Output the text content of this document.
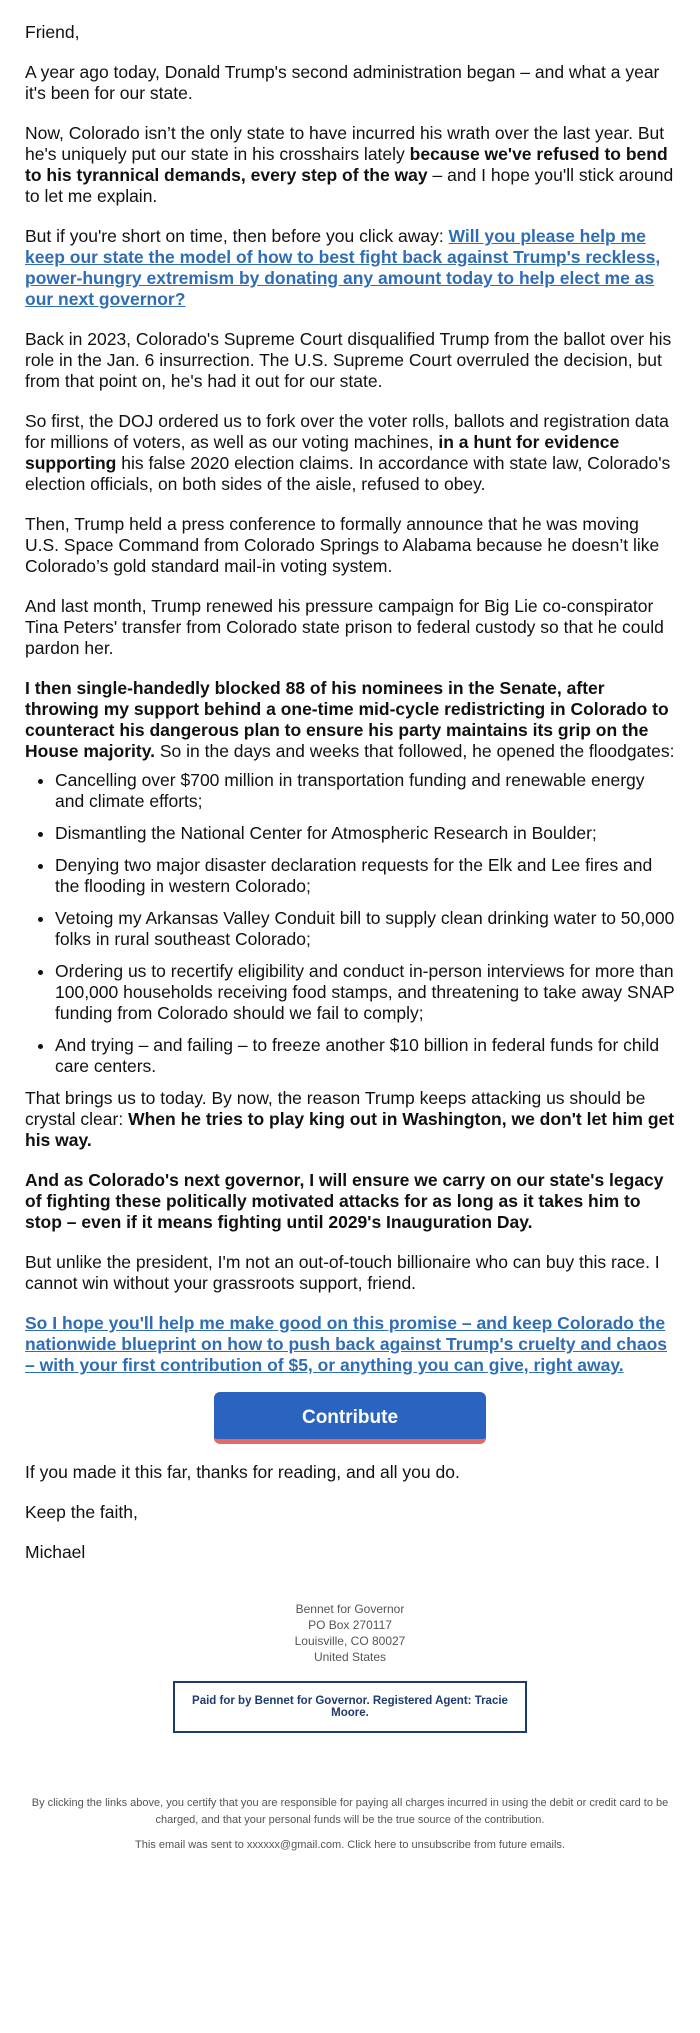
Friend,

A year ago today, Donald Trump's second administration began – and what a year it's been for our state.

Now, Colorado isn’t the only state to have incurred his wrath over the last year. But he's uniquely put our state in his crosshairs lately because we've refused to bend to his tyrannical demands, every step of the way – and I hope you'll stick around to let me explain.

But if you're short on time, then before you click away: Will you please help me keep our state the model of how to best fight back against Trump's reckless, power-hungry extremism by donating any amount today to help elect me as our next governor?

Back in 2023, Colorado's Supreme Court disqualified Trump from the ballot over his role in the Jan. 6 insurrection. The U.S. Supreme Court overruled the decision, but from that point on, he's had it out for our state.

So first, the DOJ ordered us to fork over the voter rolls, ballots and registration data for millions of voters, as well as our voting machines, in a hunt for evidence supporting his false 2020 election claims. In accordance with state law, Colorado's election officials, on both sides of the aisle, refused to obey.

Then, Trump held a press conference to formally announce that he was moving U.S. Space Command from Colorado Springs to Alabama because he doesn’t like Colorado’s gold standard mail-in voting system.

And last month, Trump renewed his pressure campaign for Big Lie co-conspirator Tina Peters' transfer from Colorado state prison to federal custody so that he could pardon her.

I then single-handedly blocked 88 of his nominees in the Senate, after throwing my support behind a one-time mid-cycle redistricting in Colorado to counteract his dangerous plan to ensure his party maintains its grip on the House majority. So in the days and weeks that followed, he opened the floodgates:

• Cancelling over $700 million in transportation funding and renewable energy and climate efforts;
• Dismantling the National Center for Atmospheric Research in Boulder;
• Denying two major disaster declaration requests for the Elk and Lee fires and the flooding in western Colorado;
• Vetoing my Arkansas Valley Conduit bill to supply clean drinking water to 50,000 folks in rural southeast Colorado;
• Ordering us to recertify eligibility and conduct in-person interviews for more than 100,000 households receiving food stamps, and threatening to take away SNAP funding from Colorado should we fail to comply;
• And trying – and failing – to freeze another $10 billion in federal funds for child care centers.

That brings us to today. By now, the reason Trump keeps attacking us should be crystal clear: When he tries to play king out in Washington, we don't let him get his way.

And as Colorado's next governor, I will ensure we carry on our state's legacy of fighting these politically motivated attacks for as long as it takes him to stop – even if it means fighting until 2029's Inauguration Day.

But unlike the president, I'm not an out-of-touch billionaire who can buy this race. I cannot win without your grassroots support, friend.

So I hope you'll help me make good on this promise – and keep Colorado the nationwide blueprint on how to push back against Trump's cruelty and chaos – with your first contribution of $5, or anything you can give, right away.

Contribute

If you made it this far, thanks for reading, and all you do.

Keep the faith,

Michael

Bennet for Governor
PO Box 270117
Louisville, CO 80027
United States
Paid for by Bennet for Governor. Registered Agent: Tracie Moore.
By clicking the links above, you certify that you are responsible for paying all charges incurred in using the debit or credit card to be charged, and that your personal funds will be the true source of the contribution.
This email was sent to xxxxxx@gmail.com. Click here to unsubscribe from future emails.
